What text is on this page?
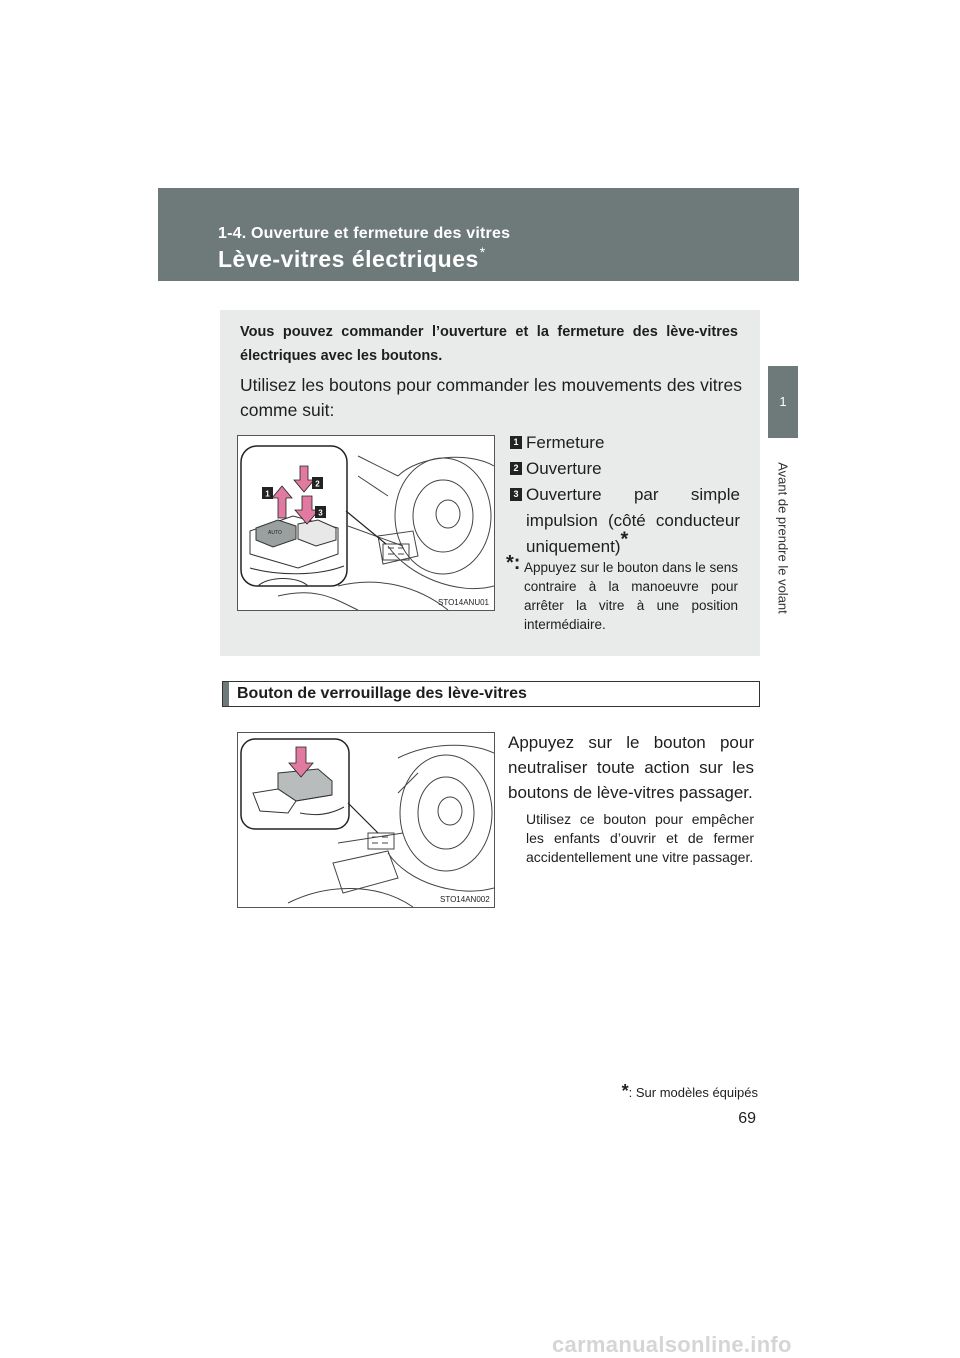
1-4. Ouverture et fermeture des vitres
Lève-vitres électriques*
1
Avant de prendre le volant
Vous pouvez commander l’ouverture et la fermeture des lève-vitres électriques avec les boutons.
Utilisez les boutons pour commander les mouvements des vitres comme suit:
AUTO
1
2
3
STO14ANU01
1 Fermeture
2 Ouverture
3 Ouverture par simple impulsion (côté conducteur uniquement)*
*: Appuyez sur le bouton dans le sens contraire à la manoeuvre pour arrêter la vitre à une position intermédiaire.
Bouton de verrouillage des lève-vitres
STO14AN002
Appuyez sur le bouton pour neutraliser toute action sur les boutons de lève-vitres passager.
Utilisez ce bouton pour empêcher les enfants d’ouvrir et de fermer accidentellement une vitre passager.
*: Sur modèles équipés
69
carmanualsonline.info
